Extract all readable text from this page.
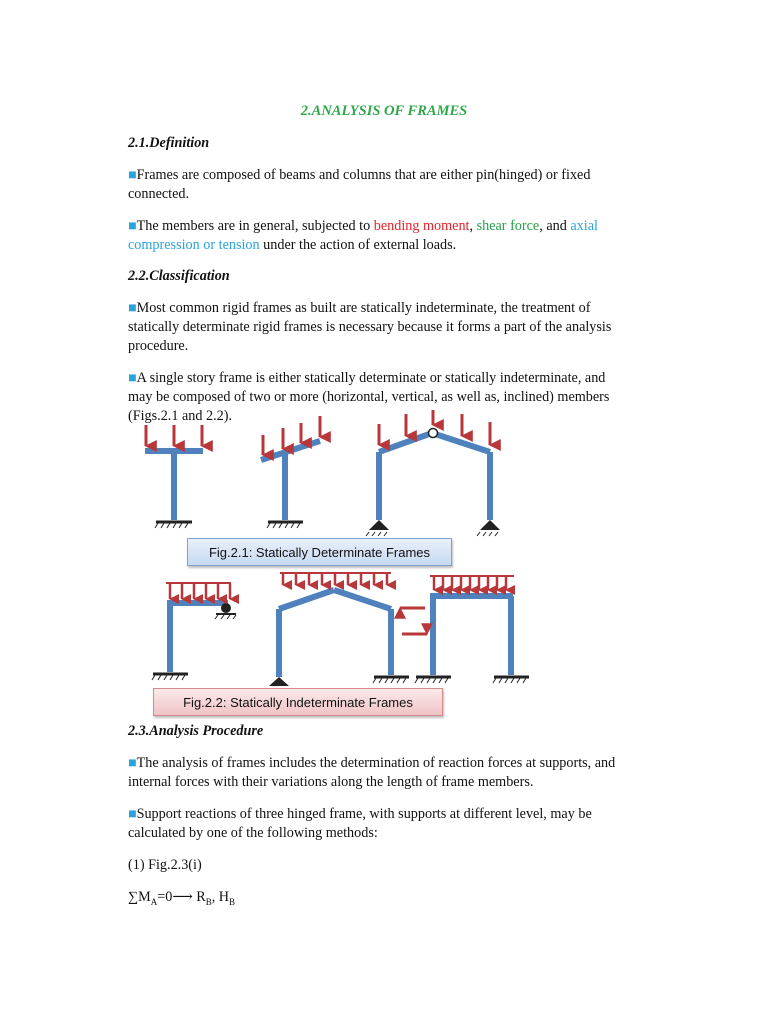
2.ANALYSIS OF FRAMES

2.1.Definition

■Frames are composed of beams and columns that are either pin(hinged) or fixed
connected.

■The members are in general, subjected to bending moment, shear force, and axial
compression or tension under the action of external loads.

2.2.Classification

■Most common rigid frames as built are statically indeterminate, the treatment of
statically determinate rigid frames is necessary because it forms a part of the analysis
procedure.

■A single story frame is either statically determinate or statically indeterminate, and
may be composed of two or more (horizontal, vertical, as well as, inclined) members
(Figs.2.1 and 2.2).

Fig.2.1: Statically Determinate Frames
Fig.2.2: Statically Indeterminate Frames

2.3.Analysis Procedure

■The analysis of frames includes the determination of reaction forces at supports, and
internal forces with their variations along the length of frame members.

■Support reactions of three hinged frame, with supports at different level, may be
calculated by one of the following methods:

(1) Fig.2.3(i)

$\sum M_A=0⟶$ $R_B$, $H_B$
